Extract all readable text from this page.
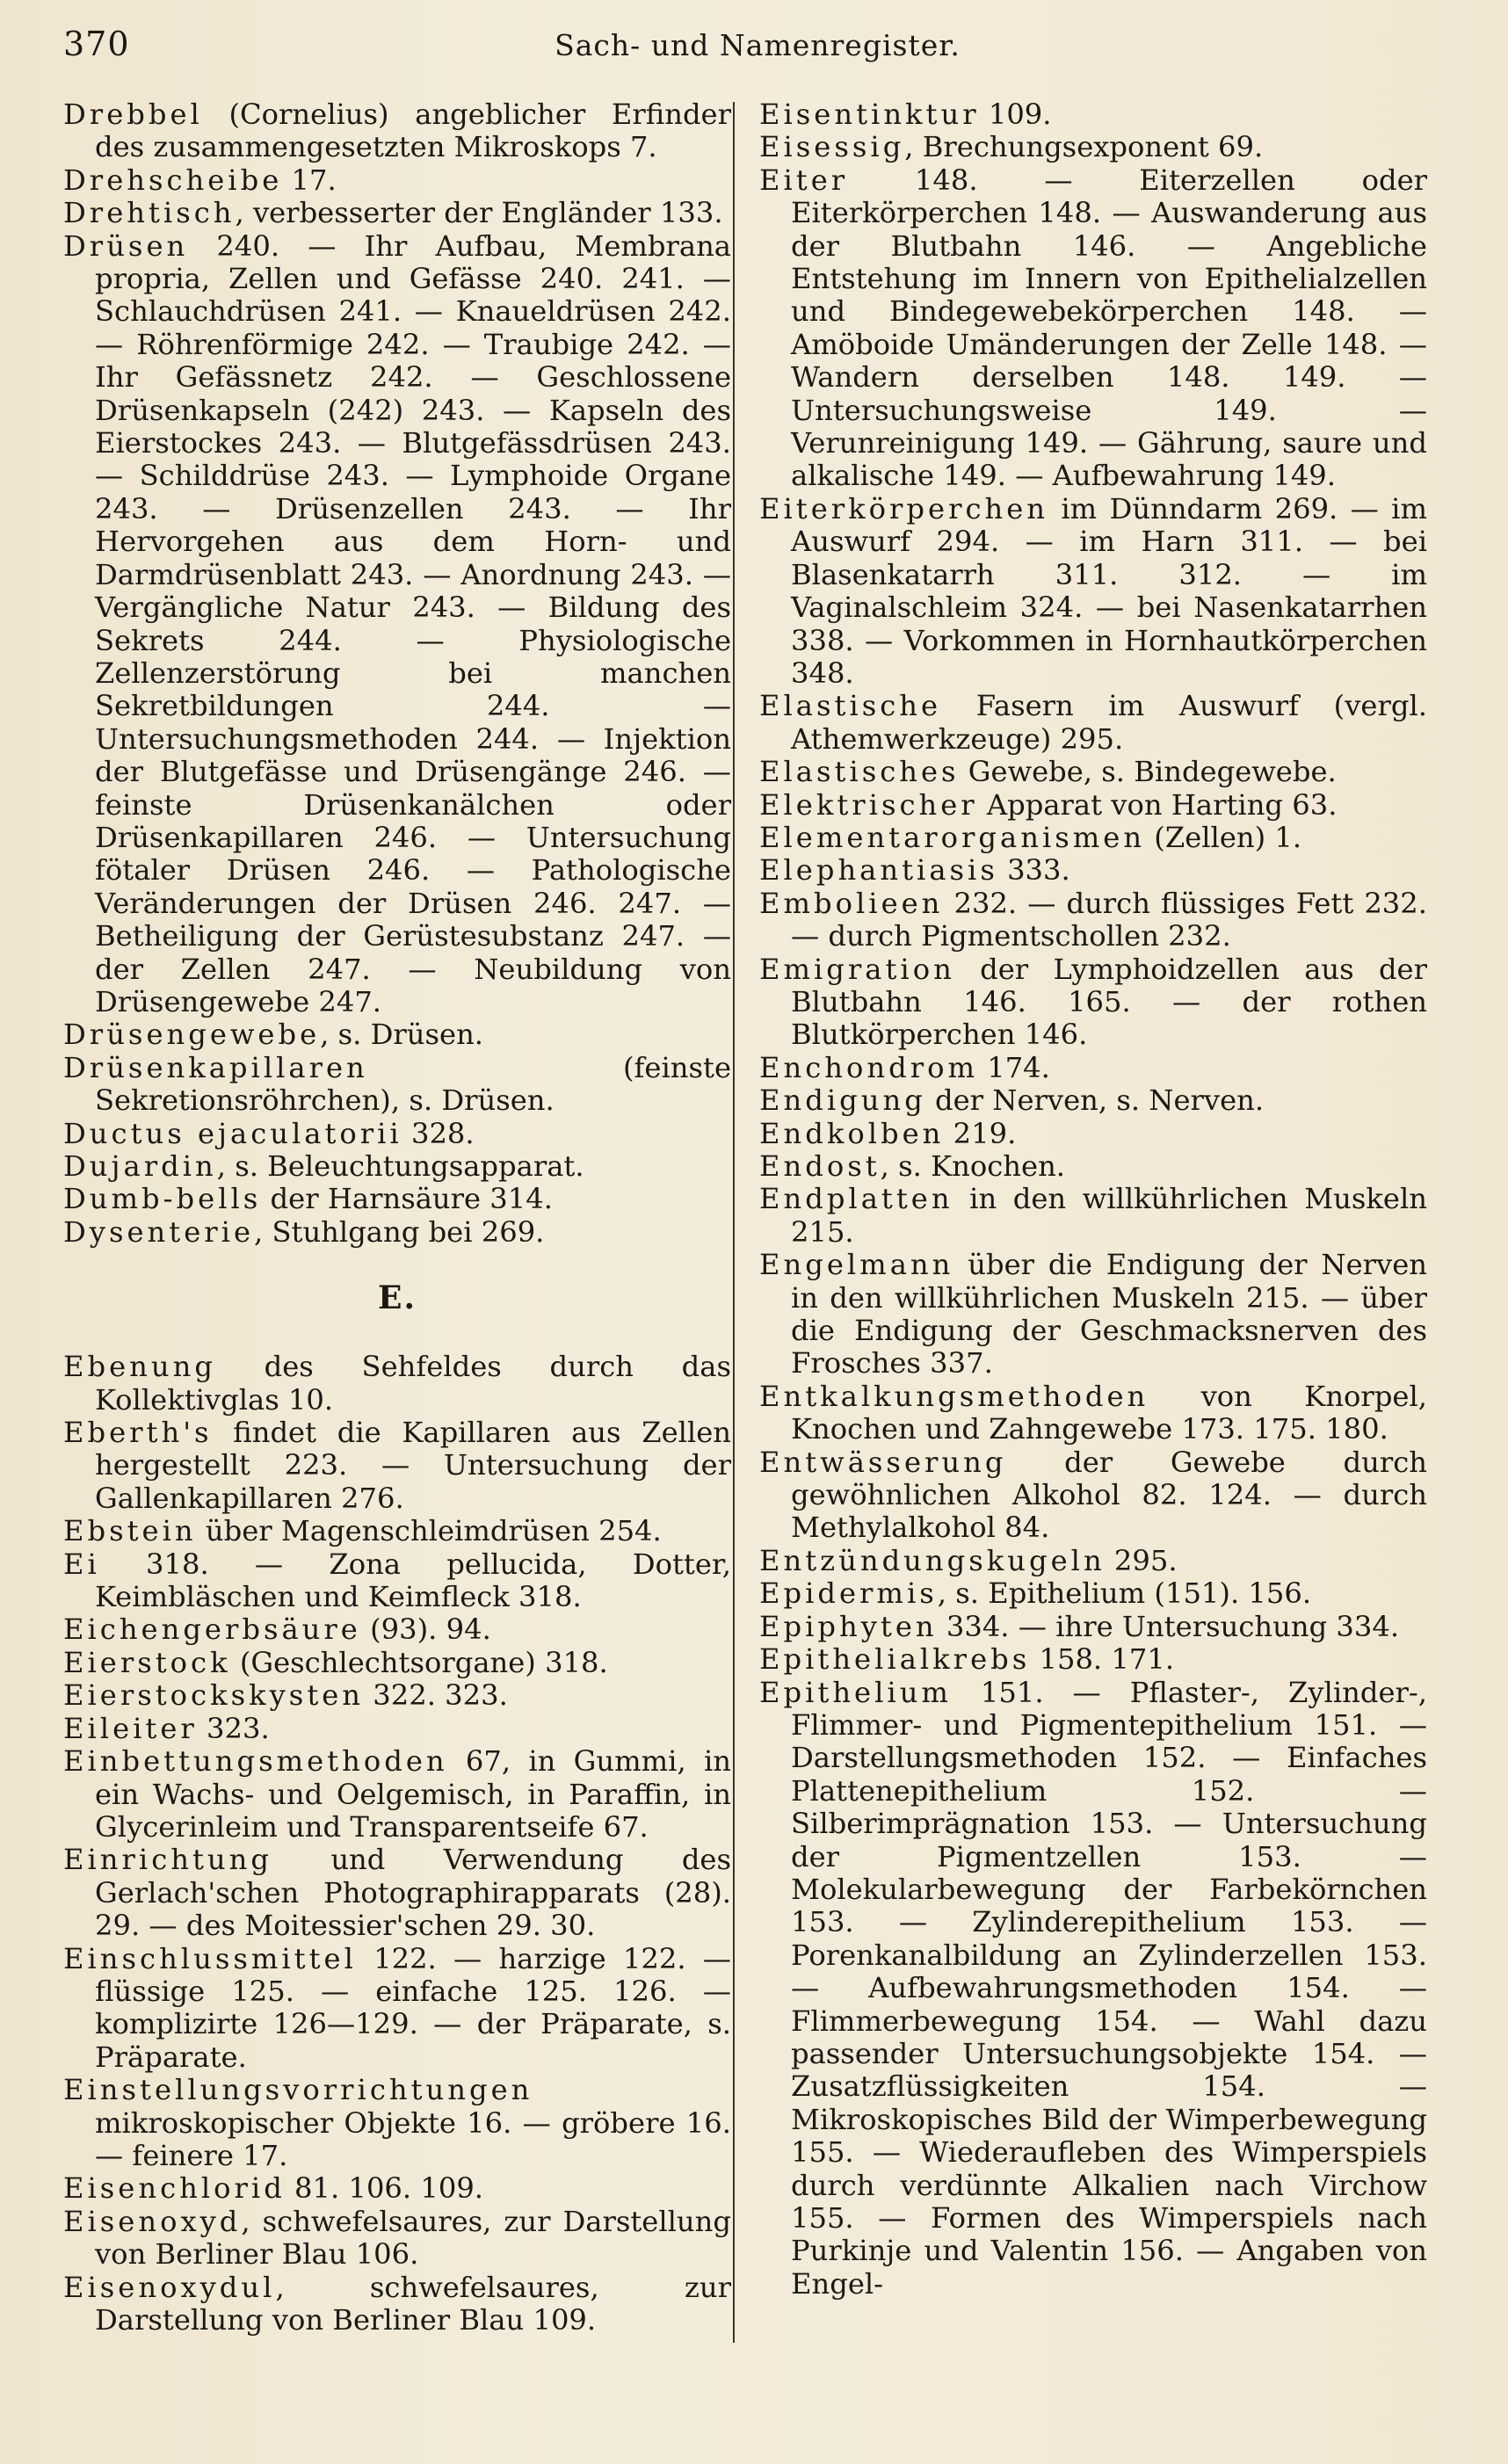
370	Sach- und Namenregister.

Drebbel (Cornelius) angeblicher Erfinder des zusammengesetzten Mikroskops 7.

Drehscheibe 17.

Drehtisch, verbesserter der Engländer 133.

Drüsen 240. — Ihr Aufbau, Membrana propria, Zellen und Gefässe 240. 241. — Schlauchdrüsen 241. — Knaueldrüsen 242. — Röhrenförmige 242. — Traubige 242. — Ihr Gefässnetz 242. — Geschlossene Drüsenkapseln (242) 243. — Kapseln des Eierstockes 243. — Blutgefässdrüsen 243. — Schilddrüse 243. — Lymphoide Organe 243. — Drüsenzellen 243. — Ihr Hervorgehen aus dem Horn- und Darmdrüsenblatt 243. — Anordnung 243. — Vergängliche Natur 243. — Bildung des Sekrets 244. — Physiologische Zellenzerstörung bei manchen Sekretbildungen 244. — Untersuchungsmethoden 244. — Injektion der Blutgefässe und Drüsengänge 246. — feinste Drüsenkanälchen oder Drüsenkapillaren 246. — Untersuchung fötaler Drüsen 246. — Pathologische Veränderungen der Drüsen 246. 247. — Betheiligung der Gerüstesubstanz 247. — der Zellen 247. — Neubildung von Drüsengewebe 247.

Drüsengewebe, s. Drüsen.

Drüsenkapillaren (feinste Sekretionsröhrchen), s. Drüsen.

Ductus ejaculatorii 328.

Dujardin, s. Beleuchtungsapparat.

Dumb-bells der Harnsäure 314.

Dysenterie, Stuhlgang bei 269.

E.

Ebenung des Sehfeldes durch das Kollektivglas 10.

Eberth's findet die Kapillaren aus Zellen hergestellt 223. — Untersuchung der Gallenkapillaren 276.

Ebstein über Magenschleimdrüsen 254.

Ei 318. — Zona pellucida, Dotter, Keimbläschen und Keimfleck 318.

Eichengerbsäure (93). 94.

Eierstock (Geschlechtsorgane) 318.

Eierstockskysten 322. 323.

Eileiter 323.

Einbettungsmethoden 67, in Gummi, in ein Wachs- und Oelgemisch, in Paraffin, in Glycerinleim und Transparentseife 67.

Einrichtung und Verwendung des Gerlach'schen Photographirapparats (28). 29. — des Moitessier'schen 29. 30.

Einschlussmittel 122. — harzige 122. — flüssige 125. — einfache 125. 126. — komplizirte 126—129. — der Präparate, s. Präparate.

Einstellungsvorrichtungen mikroskopischer Objekte 16. — gröbere 16. — feinere 17.

Eisenchlorid 81. 106. 109.

Eisenoxyd, schwefelsaures, zur Darstellung von Berliner Blau 106.

Eisenoxydul, schwefelsaures, zur Darstellung von Berliner Blau 109.

Eisentinktur 109.

Eisessig, Brechungsexponent 69.

Eiter 148. — Eiterzellen oder Eiterkörperchen 148. — Auswanderung aus der Blutbahn 146. — Angebliche Entstehung im Innern von Epithelialzellen und Bindegewebekörperchen 148. — Amöboide Umänderungen der Zelle 148. — Wandern derselben 148. 149. — Untersuchungsweise 149. — Verunreinigung 149. — Gährung, saure und alkalische 149. — Aufbewahrung 149.

Eiterkörperchen im Dünndarm 269. — im Auswurf 294. — im Harn 311. — bei Blasenkatarrh 311. 312. — im Vaginalschleim 324. — bei Nasenkatarrhen 338. — Vorkommen in Hornhautkörperchen 348.

Elastische Fasern im Auswurf (vergl. Athemwerkzeuge) 295.

Elastisches Gewebe, s. Bindegewebe.

Elektrischer Apparat von Harting 63.

Elementarorganismen (Zellen) 1.

Elephantiasis 333.

Embolieen 232. — durch flüssiges Fett 232. — durch Pigmentschollen 232.

Emigration der Lymphoidzellen aus der Blutbahn 146. 165. — der rothen Blutkörperchen 146.

Enchondrom 174.

Endigung der Nerven, s. Nerven.

Endkolben 219.

Endost, s. Knochen.

Endplatten in den willkührlichen Muskeln 215.

Engelmann über die Endigung der Nerven in den willkührlichen Muskeln 215. — über die Endigung der Geschmacksnerven des Frosches 337.

Entkalkungsmethoden von Knorpel, Knochen und Zahngewebe 173. 175. 180.

Entwässerung der Gewebe durch gewöhnlichen Alkohol 82. 124. — durch Methylalkohol 84.

Entzündungskugeln 295.

Epidermis, s. Epithelium (151). 156.

Epiphyten 334. — ihre Untersuchung 334.

Epithelialkrebs 158. 171.

Epithelium 151. — Pflaster-, Zylinder-, Flimmer- und Pigmentepithelium 151. — Darstellungsmethoden 152. — Einfaches Plattenepithelium 152. — Silberimprägnation 153. — Untersuchung der Pigmentzellen 153. — Molekularbewegung der Farbekörnchen 153. — Zylinderepithelium 153. — Porenkanalbildung an Zylinderzellen 153. — Aufbewahrungsmethoden 154. — Flimmerbewegung 154. — Wahl dazu passender Untersuchungsobjekte 154. — Zusatzflüssigkeiten 154. — Mikroskopisches Bild der Wimperbewegung 155. — Wiederaufleben des Wimperspiels durch verdünnte Alkalien nach Virchow 155. — Formen des Wimperspiels nach Purkinje und Valentin 156. — Angaben von Engel-
